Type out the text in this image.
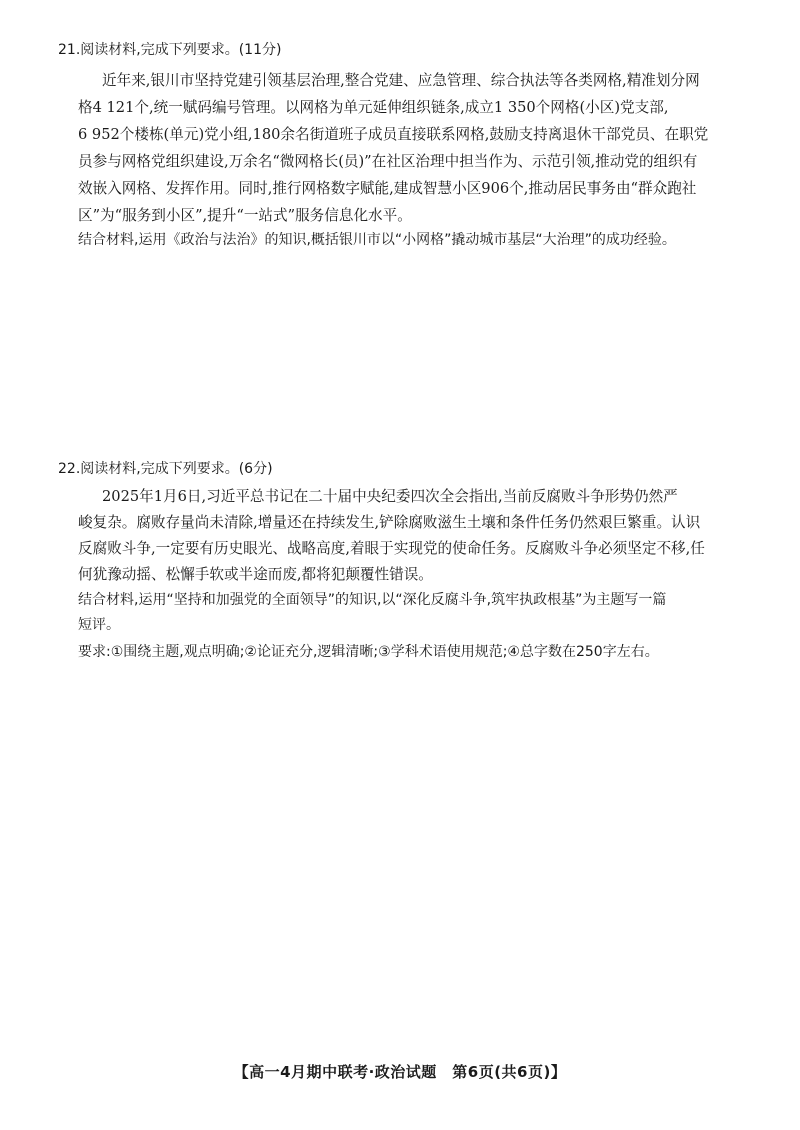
21.阅读材料,完成下列要求。(11分)
近年来,银川市坚持党建引领基层治理,整合党建、应急管理、综合执法等各类网格,精准划分网
格4 121个,统一赋码编号管理。以网格为单元延伸组织链条,成立1 350个网格(小区)党支部,
6 952个楼栋(单元)党小组,180余名街道班子成员直接联系网格,鼓励支持离退休干部党员、在职党
员参与网格党组织建设,万余名“微网格长(员)”在社区治理中担当作为、示范引领,推动党的组织有
效嵌入网格、发挥作用。同时,推行网格数字赋能,建成智慧小区906个,推动居民事务由“群众跑社
区”为“服务到小区”,提升“一站式”服务信息化水平。
结合材料,运用《政治与法治》的知识,概括银川市以“小网格”撬动城市基层“大治理”的成功经验。
22.阅读材料,完成下列要求。(6分)
2025年1月6日,习近平总书记在二十届中央纪委四次全会指出,当前反腐败斗争形势仍然严
峻复杂。腐败存量尚未清除,增量还在持续发生,铲除腐败滋生土壤和条件任务仍然艰巨繁重。认识
反腐败斗争,一定要有历史眼光、战略高度,着眼于实现党的使命任务。反腐败斗争必须坚定不移,任
何犹豫动摇、松懈手软或半途而废,都将犯颠覆性错误。
结合材料,运用“坚持和加强党的全面领导”的知识,以“深化反腐斗争,筑牢执政根基”为主题写一篇
短评。
要求:①围绕主题,观点明确;②论证充分,逻辑清晰;③学科术语使用规范;④总字数在250字左右。
【高一4月期中联考·政治试题　第6页(共6页)】
